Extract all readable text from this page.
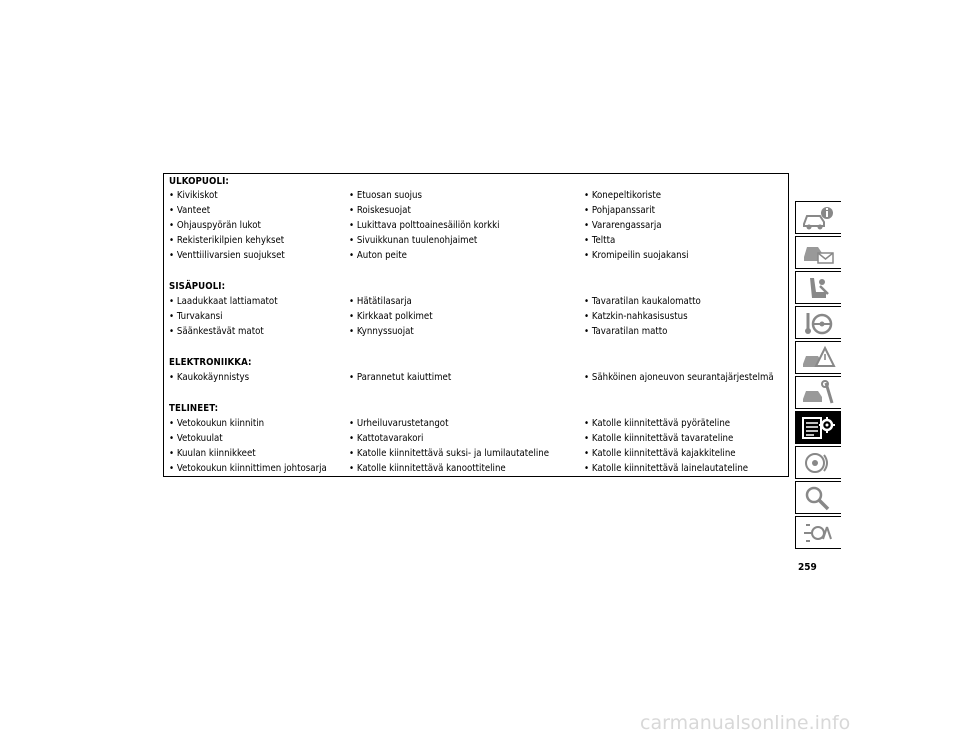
ULKOPUOLI:
• Kivikiskot	• Etuosan suojus	• Konepeltikoriste
• Vanteet	• Roiskesuojat	• Pohjapanssarit
• Ohjauspyörän lukot	• Lukittava polttoainesäiliön korkki	• Vararengassarja
• Rekisterikilpien kehykset	• Sivuikkunan tuulenohjaimet	• Teltta
• Venttiilivarsien suojukset	• Auton peite	• Kromipeilin suojakansi
SISÄPUOLI:
• Laadukkaat lattiamatot	• Hätätilasarja	• Tavaratilan kaukalomatto
• Turvakansi	• Kirkkaat polkimet	• Katzkin-nahkasisustus
• Säänkestävät matot	• Kynnyssuojat	• Tavaratilan matto
ELEKTRONIIKKA:
• Kaukokäynnistys	• Parannetut kaiuttimet	• Sähköinen ajoneuvon seurantajärjestelmä
TELINEET:
• Vetokoukun kiinnitin	• Urheiluvarustetangot	• Katolle kiinnitettävä pyöräteline
• Vetokuulat	• Kattotavarakori	• Katolle kiinnitettävä tavarateline
• Kuulan kiinnikkeet	• Katolle kiinnitettävä suksi- ja lumilautateline	• Katolle kiinnitettävä kajakkiteline
• Vetokoukun kiinnittimen johtosarja • Katolle kiinnitettävä kanoottiteline	• Katolle kiinnitettävä lainelautateline
259
carmanualsonline.info
